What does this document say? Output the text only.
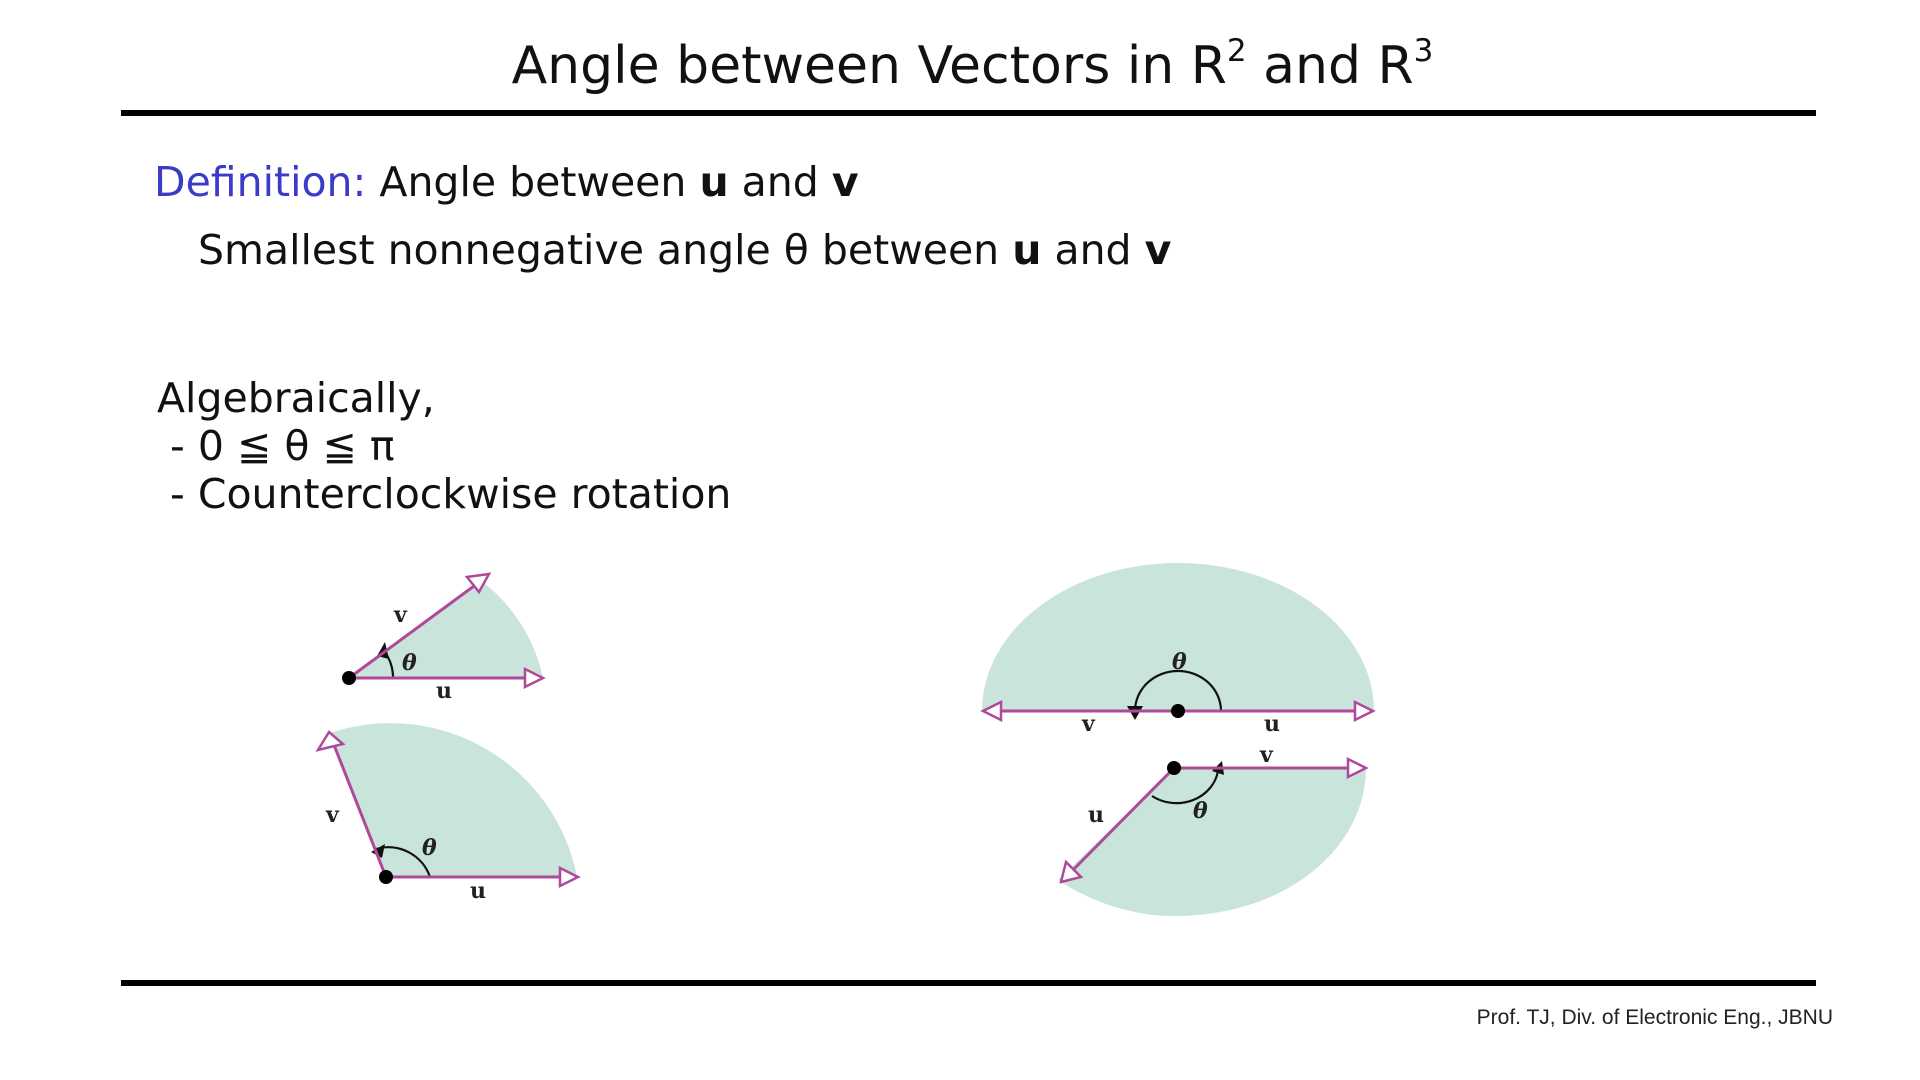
Angle between Vectors in $R^2$ and $R^3$
Definition: Angle between u and v
Smallest nonnegative angle θ between u and v
Algebraically,
- 0 ≦ θ ≦ π
- Counterclockwise rotation
v
θ
u
v
θ
u
θ
v	u
v
u	θ
Prof. TJ, Div. of Electronic Eng., JBNU
